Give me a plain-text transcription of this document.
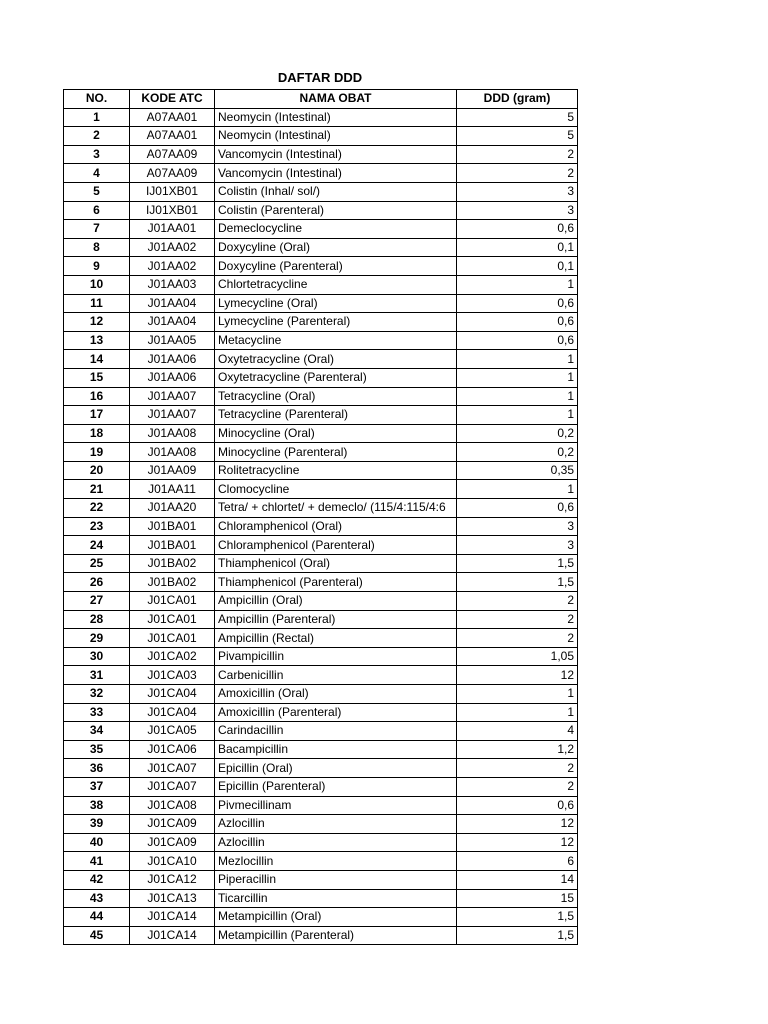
DAFTAR DDD
NO.	KODE ATC	NAMA OBAT	DDD (gram)
1	A07AA01	Neomycin (Intestinal)	5
2	A07AA01	Neomycin (Intestinal)	5
3	A07AA09	Vancomycin (Intestinal)	2
4	A07AA09	Vancomycin (Intestinal)	2
5	IJ01XB01	Colistin (Inhal/ sol/)	3
6	IJ01XB01	Colistin (Parenteral)	3
7	J01AA01	Demeclocycline	0,6
8	J01AA02	Doxycyline (Oral)	0,1
9	J01AA02	Doxycyline (Parenteral)	0,1
10	J01AA03	Chlortetracycline	1
11	J01AA04	Lymecycline (Oral)	0,6
12	J01AA04	Lymecycline (Parenteral)	0,6
13	J01AA05	Metacycline	0,6
14	J01AA06	Oxytetracycline (Oral)	1
15	J01AA06	Oxytetracycline (Parenteral)	1
16	J01AA07	Tetracycline (Oral)	1
17	J01AA07	Tetracycline (Parenteral)	1
18	J01AA08	Minocycline (Oral)	0,2
19	J01AA08	Minocycline (Parenteral)	0,2
20	J01AA09	Rolitetracycline	0,35
21	J01AA11	Clomocycline	1
22	J01AA20	Tetra/ + chlortet/ + demeclo/ (115/4:115/4:6	0,6
23	J01BA01	Chloramphenicol (Oral)	3
24	J01BA01	Chloramphenicol (Parenteral)	3
25	J01BA02	Thiamphenicol (Oral)	1,5
26	J01BA02	Thiamphenicol (Parenteral)	1,5
27	J01CA01	Ampicillin (Oral)	2
28	J01CA01	Ampicillin (Parenteral)	2
29	J01CA01	Ampicillin (Rectal)	2
30	J01CA02	Pivampicillin	1,05
31	J01CA03	Carbenicillin	12
32	J01CA04	Amoxicillin (Oral)	1
33	J01CA04	Amoxicillin (Parenteral)	1
34	J01CA05	Carindacillin	4
35	J01CA06	Bacampicillin	1,2
36	J01CA07	Epicillin (Oral)	2
37	J01CA07	Epicillin (Parenteral)	2
38	J01CA08	Pivmecillinam	0,6
39	J01CA09	Azlocillin	12
40	J01CA09	Azlocillin	12
41	J01CA10	Mezlocillin	6
42	J01CA12	Piperacillin	14
43	J01CA13	Ticarcillin	15
44	J01CA14	Metampicillin (Oral)	1,5
45	J01CA14	Metampicillin (Parenteral)	1,5
